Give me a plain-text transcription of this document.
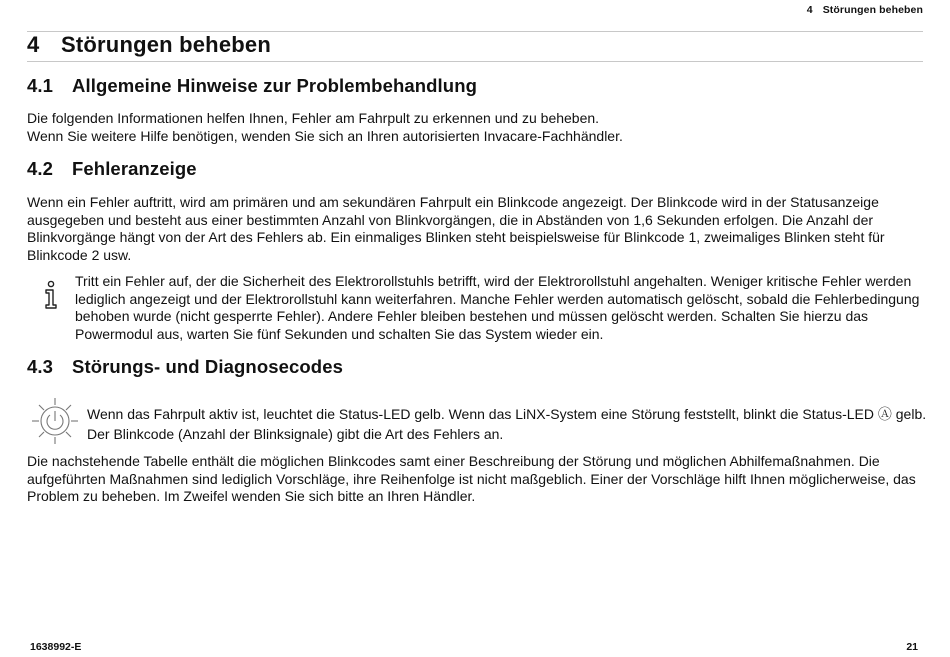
4 Störungen beheben
4 Störungen beheben
4.1 Allgemeine Hinweise zur Problembehandlung
Die folgenden Informationen helfen Ihnen, Fehler am Fahrpult zu erkennen und zu beheben.
Wenn Sie weitere Hilfe benötigen, wenden Sie sich an Ihren autorisierten Invacare-Fachhändler.
4.2 Fehleranzeige
Wenn ein Fehler auftritt, wird am primären und am sekundären Fahrpult ein Blinkcode angezeigt. Der Blinkcode wird in der Statusanzeige
ausgegeben und besteht aus einer bestimmten Anzahl von Blinkvorgängen, die in Abständen von 1,6 Sekunden erfolgen. Die Anzahl der
Blinkvorgänge hängt von der Art des Fehlers ab. Ein einmaliges Blinken steht beispielsweise für Blinkcode 1, zweimaliges Blinken steht für
Blinkcode 2 usw.
Tritt ein Fehler auf, der die Sicherheit des Elektrorollstuhls betrifft, wird der Elektrorollstuhl angehalten. Weniger kritische Fehler werden
lediglich angezeigt und der Elektrorollstuhl kann weiterfahren. Manche Fehler werden automatisch gelöscht, sobald die Fehlerbedingung
behoben wurde (nicht gesperrte Fehler). Andere Fehler bleiben bestehen und müssen gelöscht werden. Schalten Sie hierzu das
Powermodul aus, warten Sie fünf Sekunden und schalten Sie das System wieder ein.
4.3 Störungs- und Diagnosecodes
Wenn das Fahrpult aktiv ist, leuchtet die Status-LED gelb. Wenn das LiNX-System eine Störung feststellt, blinkt die Status-LED Ⓐ gelb.
Der Blinkcode (Anzahl der Blinksignale) gibt die Art des Fehlers an.
Die nachstehende Tabelle enthält die möglichen Blinkcodes samt einer Beschreibung der Störung und möglichen Abhilfemaßnahmen. Die
aufgeführten Maßnahmen sind lediglich Vorschläge, ihre Reihenfolge ist nicht maßgeblich. Einer der Vorschläge hilft Ihnen möglicherweise, das
Problem zu beheben. Im Zweifel wenden Sie sich bitte an Ihren Händler.
1638992-E	21
